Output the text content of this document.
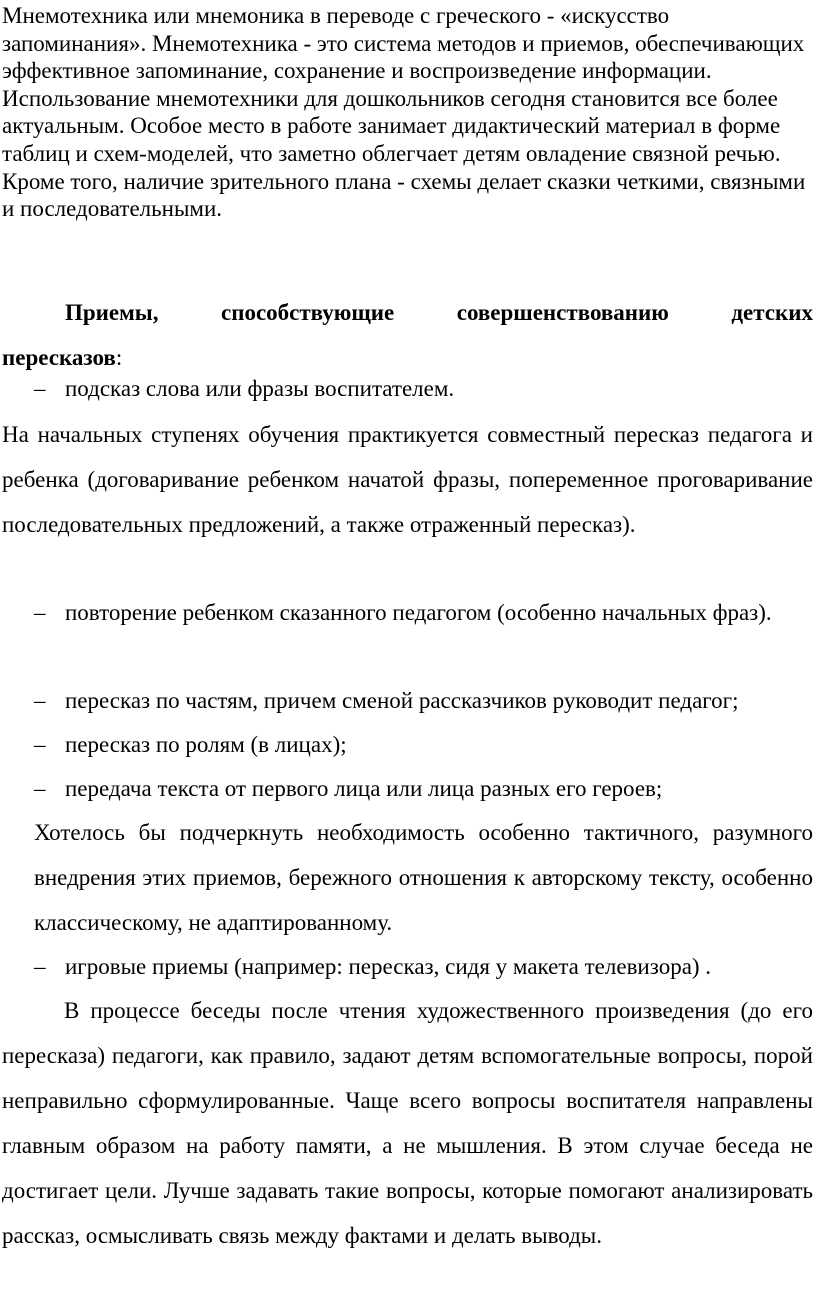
Мнемотехника или мнемоника в переводе с греческого - «искусство запоминания». Мнемотехника - это система методов и приемов, обеспечивающих эффективное запоминание, сохранение и воспроизведение информации. Использование мнемотехники для дошкольников сегодня становится все более актуальным. Особое место в работе занимает дидактический материал в форме таблиц и схем-моделей, что заметно облегчает детям овладение связной речью. Кроме того, наличие зрительного плана - схемы делает сказки четкими, связными и последовательными.

Приемы, способствующие совершенствованию детских
пересказов:

– подсказ слова или фразы воспитателем.

На начальных ступенях обучения практикуется совместный пересказ педагога и ребенка (договаривание ребенком начатой фразы, попеременное проговаривание последовательных предложений, а также отраженный пересказ).

– повторение ребенком сказанного педагогом (особенно начальных фраз).
– пересказ по частям, причем сменой рассказчиков руководит педагог;
– пересказ по ролям (в лицах);
– передача текста от первого лица или лица разных его героев;

Хотелось бы подчеркнуть необходимость особенно тактичного, разумного внедрения этих приемов, бережного отношения к авторскому тексту, особенно классическому, не адаптированному.

– игровые приемы (например: пересказ, сидя у макета телевизора) .

В процессе беседы после чтения художественного произведения (до его пересказа) педагоги, как правило, задают детям вспомогательные вопросы, порой неправильно сформулированные. Чаще всего вопросы воспитателя направлены главным образом на работу памяти, а не мышления. В этом случае беседа не достигает цели. Лучше задавать такие вопросы, которые помогают анализировать рассказ, осмысливать связь между фактами и делать выводы.
